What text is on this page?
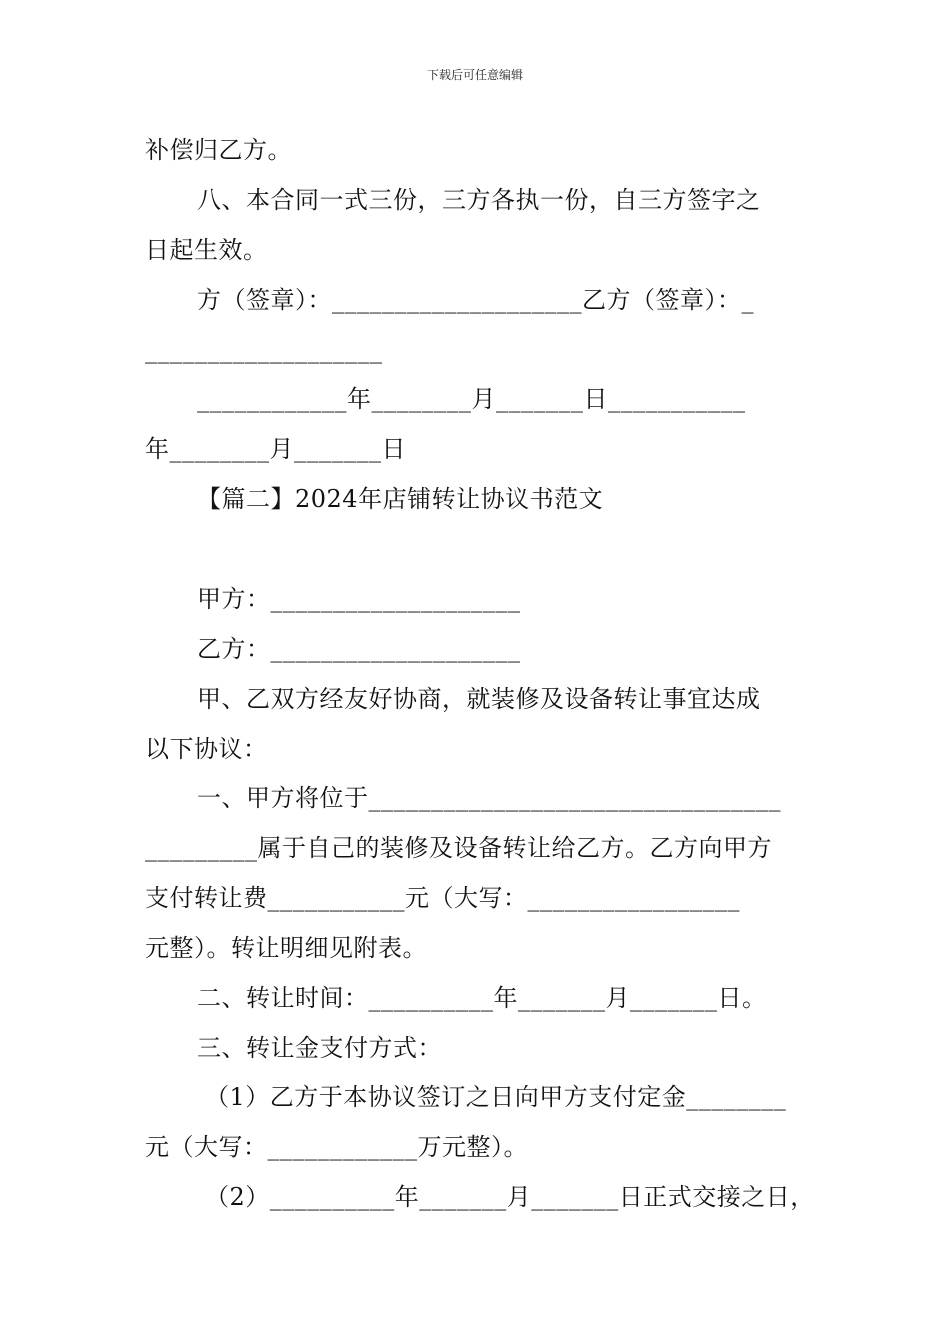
下载后可任意编辑
补偿归乙方。
八、本合同一式三份，三方各执一份，自三方签字之
日起生效。
方（签章）：____________________乙方（签章）：_
___________________
____________年________月_______日___________
年________月_______日
【篇二】2024年店铺转让协议书范文
甲方：____________________
乙方：____________________
甲、乙双方经友好协商，就装修及设备转让事宜达成
以下协议：
一、甲方将位于_________________________________
_________属于自己的装修及设备转让给乙方。乙方向甲方
支付转让费___________元（大写：_________________
元整）。转让明细见附表。
二、转让时间：__________年_______月_______日。
三、转让金支付方式：
（1）乙方于本协议签订之日向甲方支付定金________
元（大写：____________万元整）。
（2）__________年_______月_______日正式交接之日，
